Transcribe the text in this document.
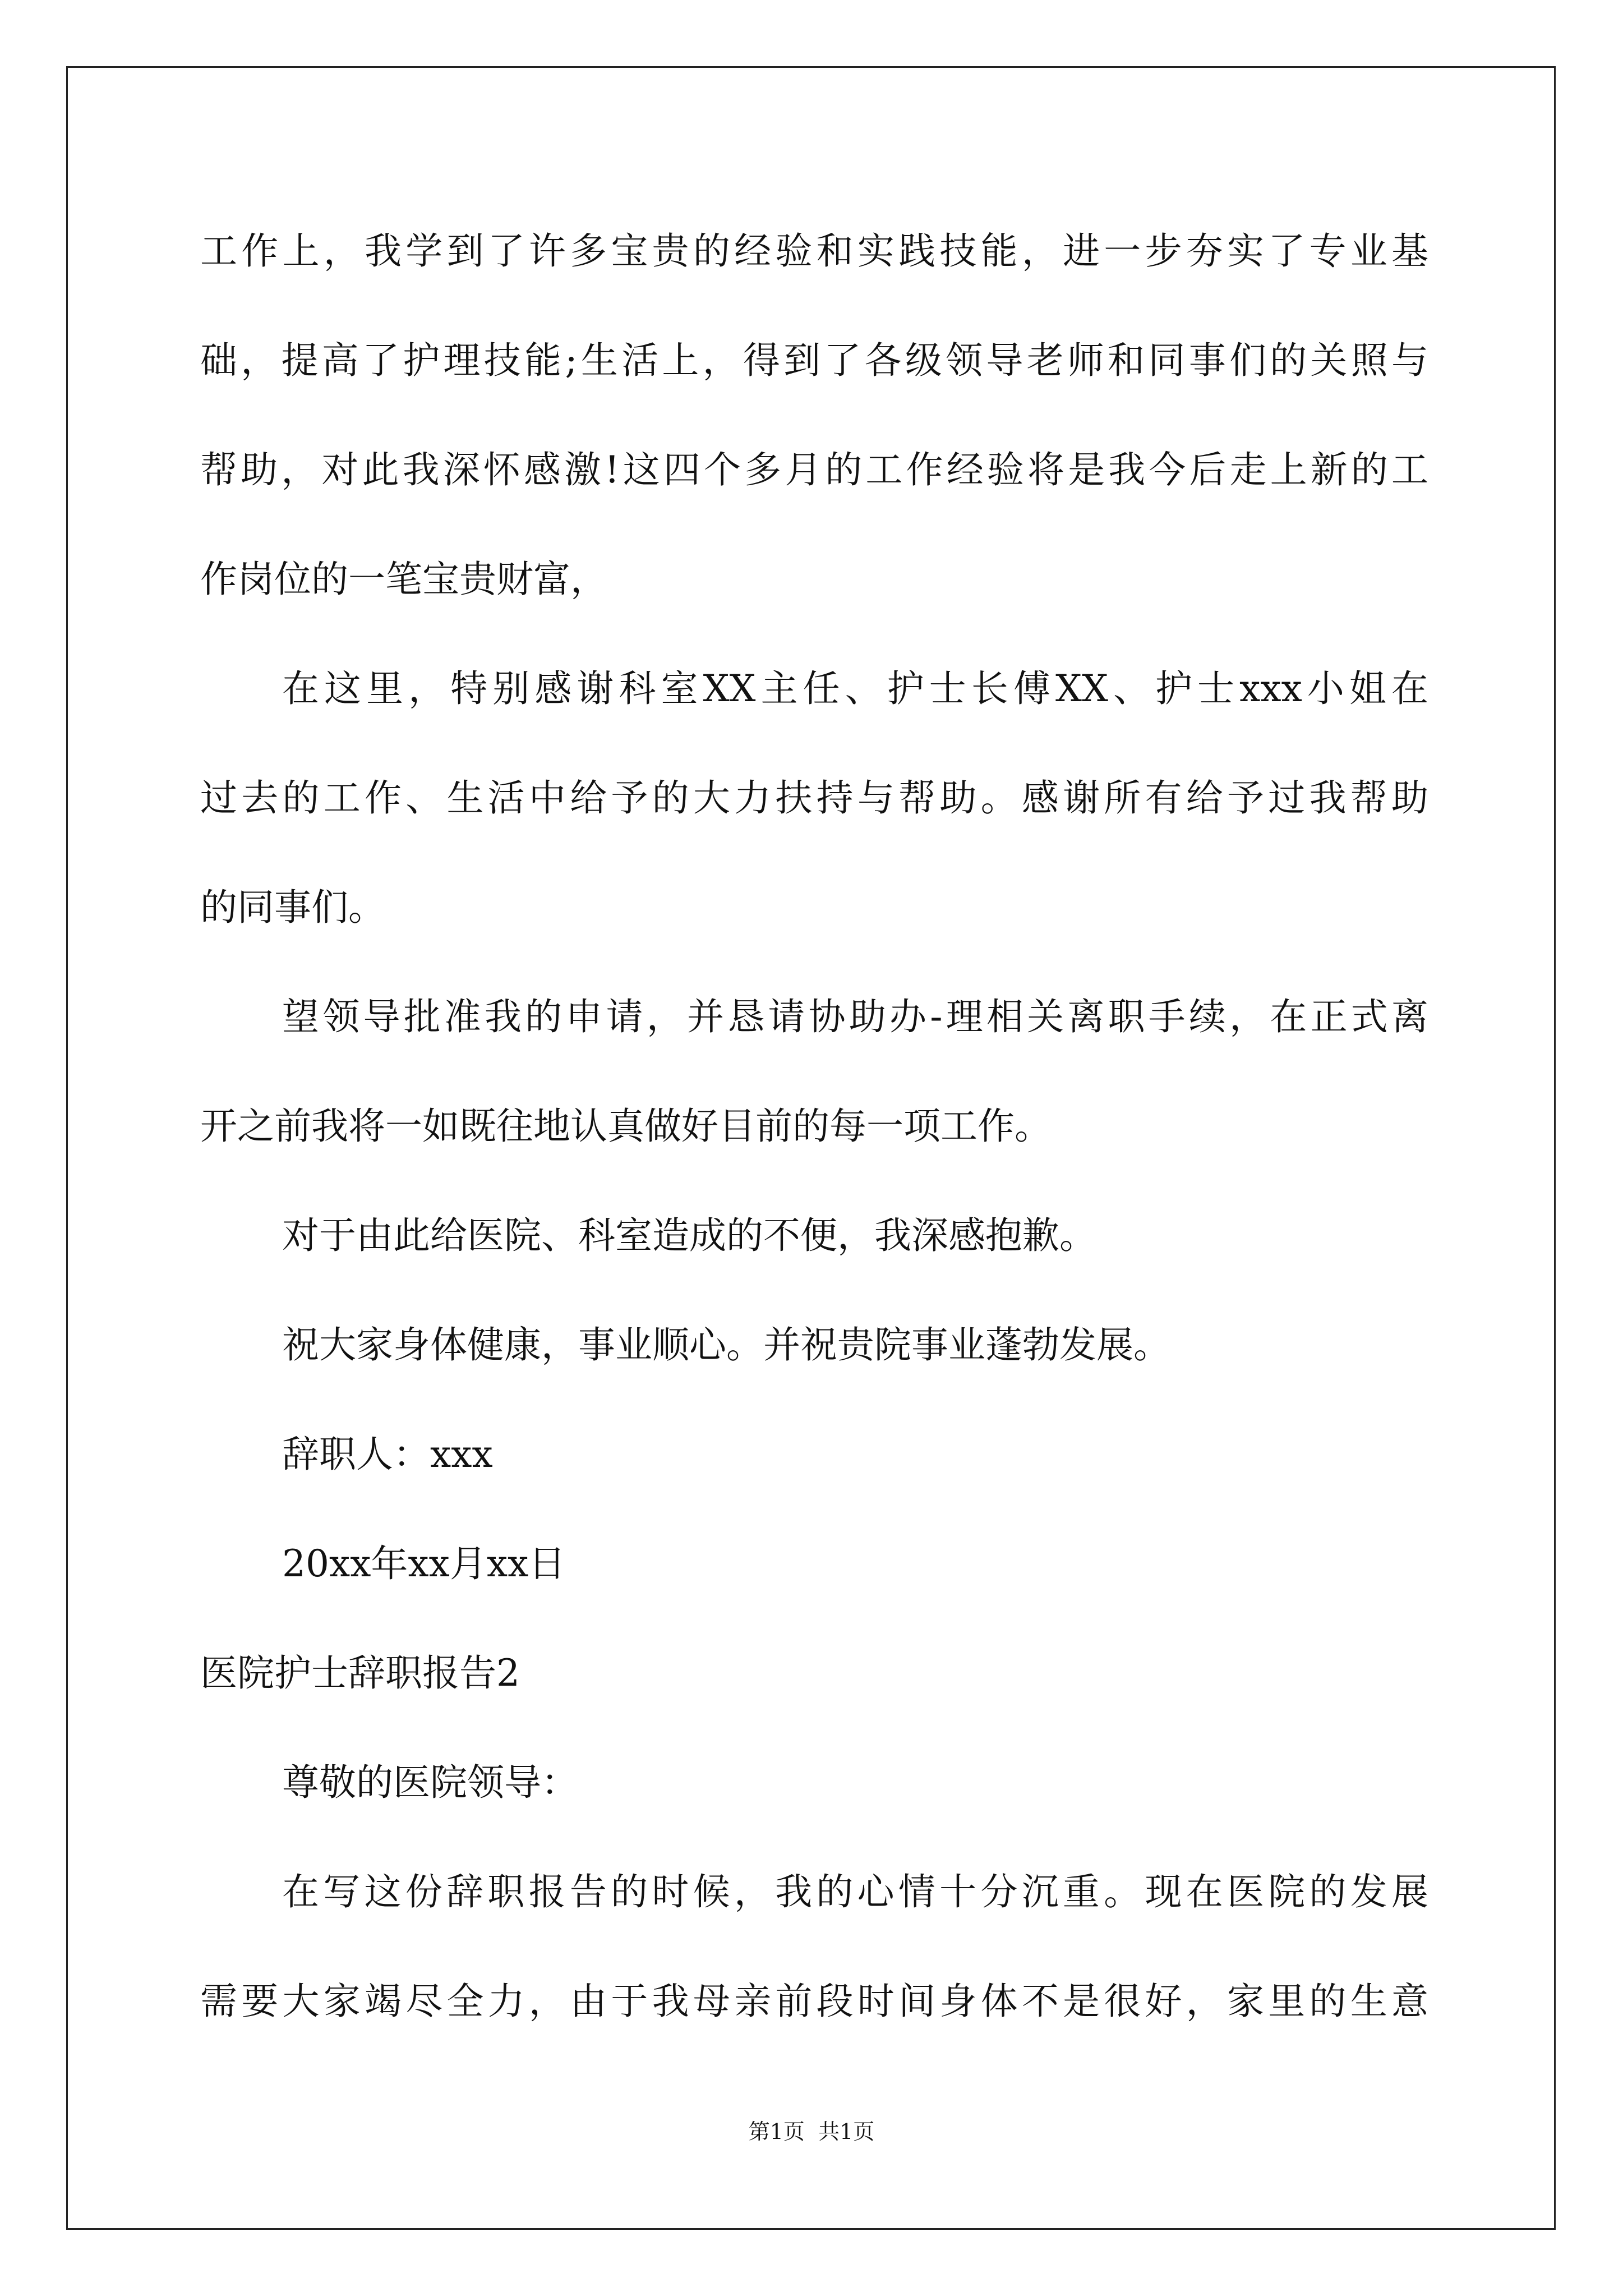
工作上，我学到了许多宝贵的经验和实践技能，进一步夯实了专业基
础，提高了护理技能;生活上，得到了各级领导老师和同事们的关照与
帮助，对此我深怀感激!这四个多月的工作经验将是我今后走上新的工
作岗位的一笔宝贵财富，
在这里，特别感谢科室XX主任、护士长傅XX、护士xxx小姐在
过去的工作、生活中给予的大力扶持与帮助。感谢所有给予过我帮助
的同事们。
望领导批准我的申请，并恳请协助办-理相关离职手续，在正式离
开之前我将一如既往地认真做好目前的每一项工作。
对于由此给医院、科室造成的不便，我深感抱歉。
祝大家身体健康，事业顺心。并祝贵院事业蓬勃发展。
辞职人：xxx
20xx年xx月xx日
医院护士辞职报告2
尊敬的医院领导：
在写这份辞职报告的时候，我的心情十分沉重。现在医院的发展
需要大家竭尽全力，由于我母亲前段时间身体不是很好，家里的生意
第1页  共1页
